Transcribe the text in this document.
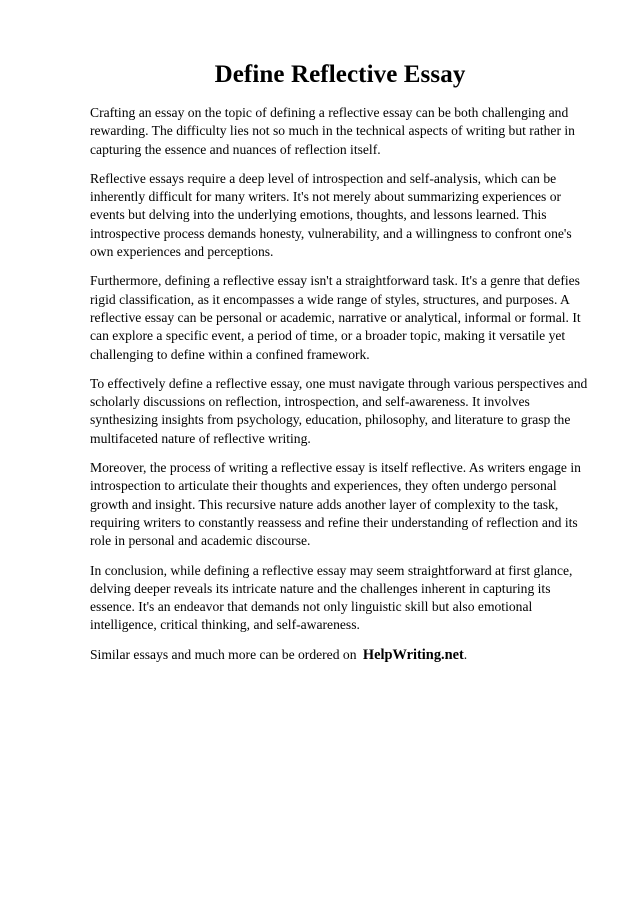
Define Reflective Essay

Crafting an essay on the topic of defining a reflective essay can be both challenging and rewarding. The difficulty lies not so much in the technical aspects of writing but rather in capturing the essence and nuances of reflection itself.

Reflective essays require a deep level of introspection and self-analysis, which can be inherently difficult for many writers. It's not merely about summarizing experiences or events but delving into the underlying emotions, thoughts, and lessons learned. This introspective process demands honesty, vulnerability, and a willingness to confront one's own experiences and perceptions.

Furthermore, defining a reflective essay isn't a straightforward task. It's a genre that defies rigid classification, as it encompasses a wide range of styles, structures, and purposes. A reflective essay can be personal or academic, narrative or analytical, informal or formal. It can explore a specific event, a period of time, or a broader topic, making it versatile yet challenging to define within a confined framework.

To effectively define a reflective essay, one must navigate through various perspectives and scholarly discussions on reflection, introspection, and self-awareness. It involves synthesizing insights from psychology, education, philosophy, and literature to grasp the multifaceted nature of reflective writing.

Moreover, the process of writing a reflective essay is itself reflective. As writers engage in introspection to articulate their thoughts and experiences, they often undergo personal growth and insight. This recursive nature adds another layer of complexity to the task, requiring writers to constantly reassess and refine their understanding of reflection and its role in personal and academic discourse.

In conclusion, while defining a reflective essay may seem straightforward at first glance, delving deeper reveals its intricate nature and the challenges inherent in capturing its essence. It's an endeavor that demands not only linguistic skill but also emotional intelligence, critical thinking, and self-awareness.

Similar essays and much more can be ordered on HelpWriting.net.
